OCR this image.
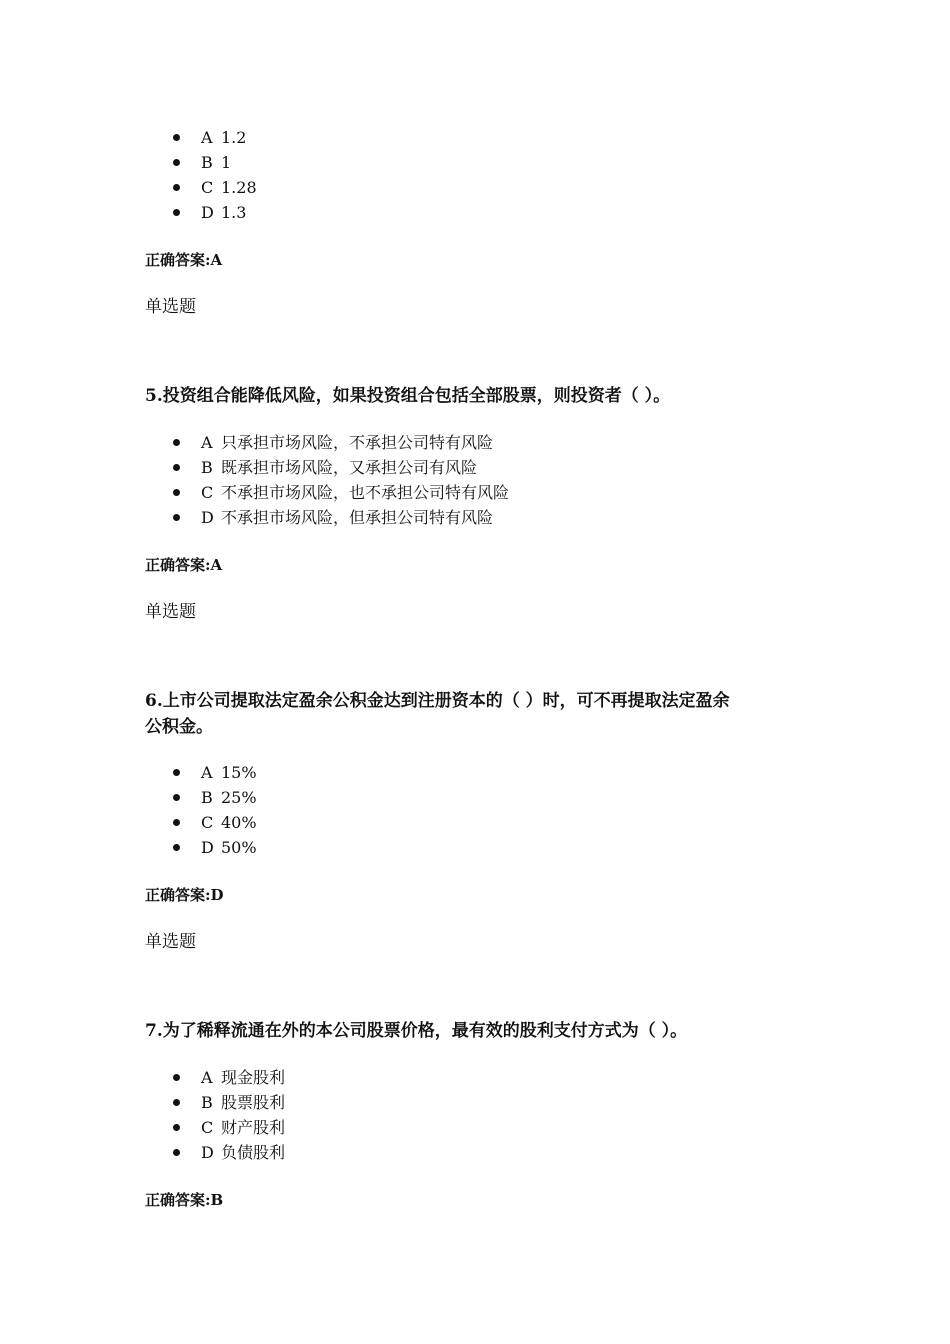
A 1.2
B 1
C 1.28
D 1.3
正确答案:A
单选题
5.投资组合能降低风险，如果投资组合包括全部股票，则投资者（ ）。
A 只承担市场风险，不承担公司特有风险
B 既承担市场风险，又承担公司有风险
C 不承担市场风险，也不承担公司特有风险
D 不承担市场风险，但承担公司特有风险
正确答案:A
单选题
6.上市公司提取法定盈余公积金达到注册资本的（ ）时，可不再提取法定盈余
公积金。
A 15%
B 25%
C 40%
D 50%
正确答案:D
单选题
7.为了稀释流通在外的本公司股票价格，最有效的股利支付方式为（ ）。
A 现金股利
B 股票股利
C 财产股利
D 负债股利
正确答案:B
